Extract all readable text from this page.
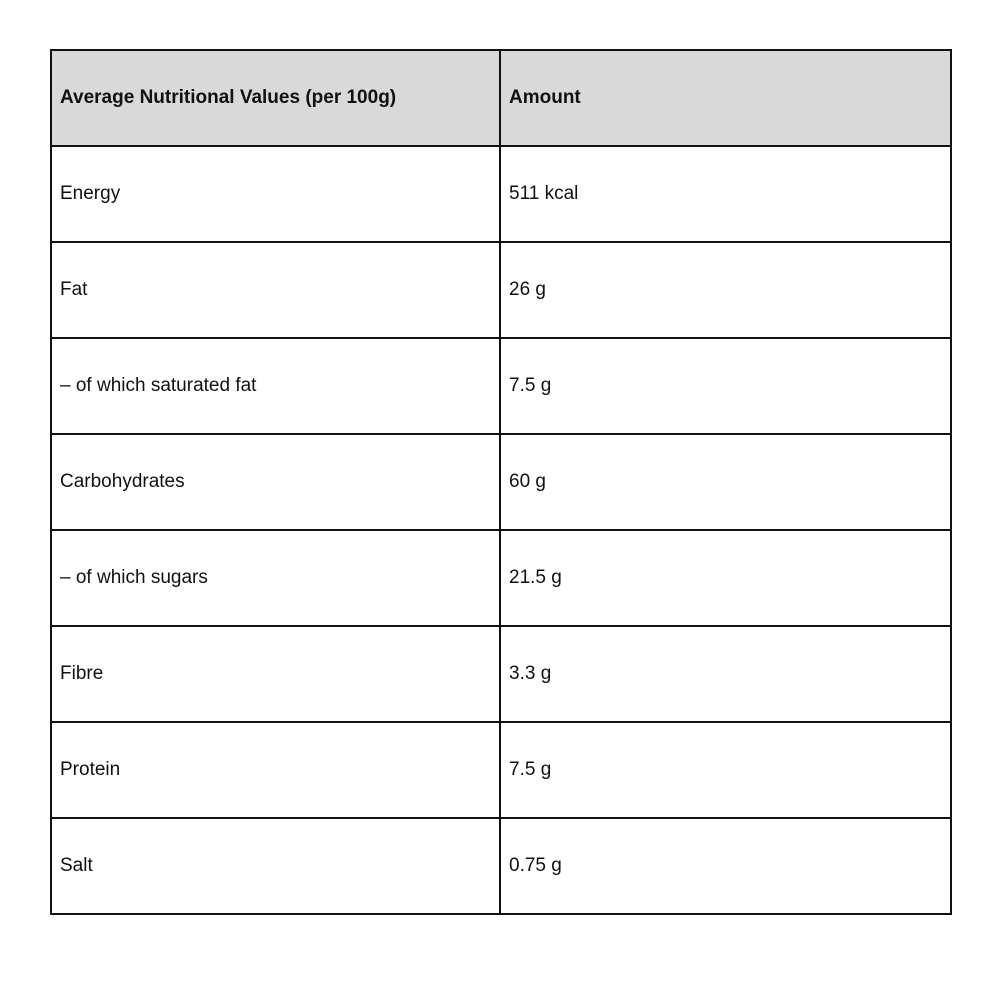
Average Nutritional Values (per 100g)	Amount
Energy	511 kcal
Fat	26 g
– of which saturated fat	7.5 g
Carbohydrates	60 g
– of which sugars	21.5 g
Fibre	3.3 g
Protein	7.5 g
Salt	0.75 g
